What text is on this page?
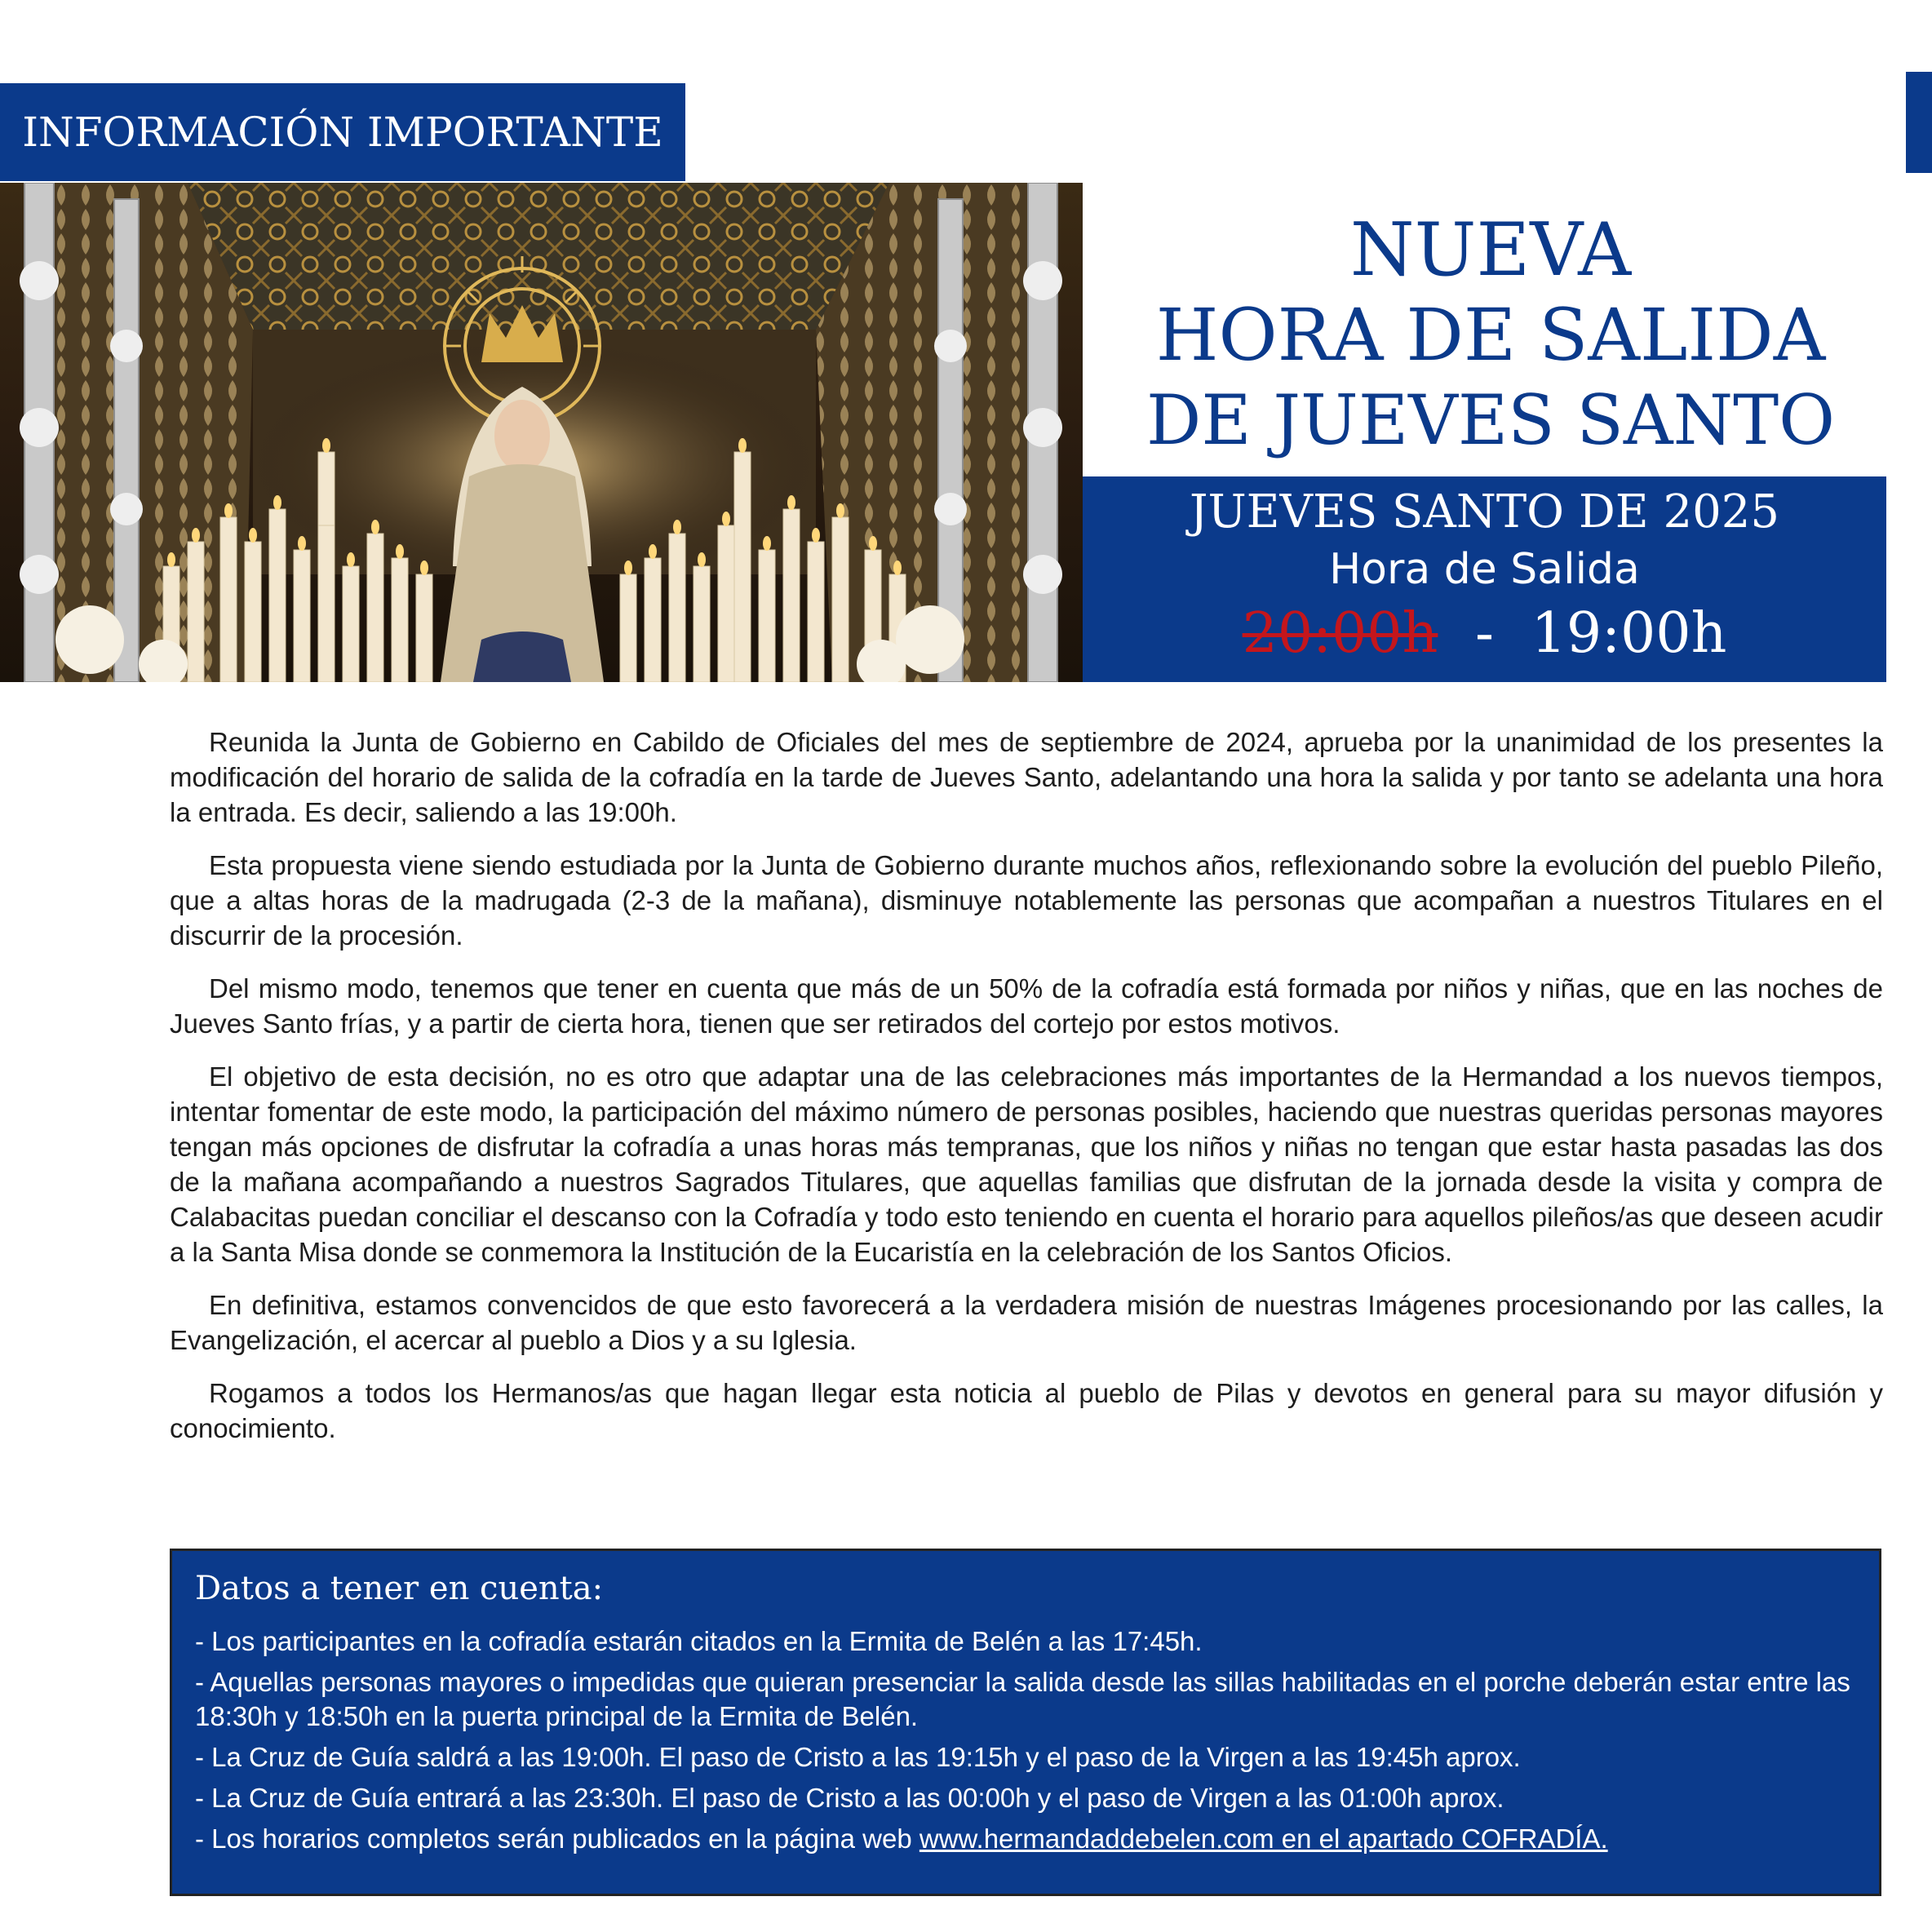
INFORMACIÓN IMPORTANTE
NUEVA
HORA DE SALIDA
DE JUEVES SANTO
JUEVES SANTO DE 2025
Hora de Salida
20:00h - 19:00h

Reunida la Junta de Gobierno en Cabildo de Oficiales del mes de septiembre de 2024, aprueba por la unanimidad de los presentes la modificación del horario de salida de la cofradía en la tarde de Jueves Santo, adelantando una hora la salida y por tanto se adelanta una hora la entrada. Es decir, saliendo a las 19:00h.

Esta propuesta viene siendo estudiada por la Junta de Gobierno durante muchos años, reflexionando sobre la evolución del pueblo Pileño, que a altas horas de la madrugada (2-3 de la mañana), disminuye notablemente las personas que acompañan a nuestros Titulares en el discurrir de la procesión.

Del mismo modo, tenemos que tener en cuenta que más de un 50% de la cofradía está formada por niños y niñas, que en las noches de Jueves Santo frías, y a partir de cierta hora, tienen que ser retirados del cortejo por estos motivos.

El objetivo de esta decisión, no es otro que adaptar una de las celebraciones más importantes de la Hermandad a los nuevos tiempos, intentar fomentar de este modo, la participación del máximo número de personas posibles, haciendo que nuestras queridas personas mayores tengan más opciones de disfrutar la cofradía a unas horas más tempranas, que los niños y niñas no tengan que estar hasta pasadas las dos de la mañana acompañando a nuestros Sagrados Titulares, que aquellas familias que disfrutan de la jornada desde la visita y compra de Calabacitas puedan conciliar el descanso con la Cofradía y todo esto teniendo en cuenta el horario para aquellos pileños/as que deseen acudir a la Santa Misa donde se conmemora la Institución de la Eucaristía en la celebración de los Santos Oficios.

En definitiva, estamos convencidos de que esto favorecerá a la verdadera misión de nuestras Imágenes procesionando por las calles, la Evangelización, el acercar al pueblo a Dios y a su Iglesia.

Rogamos a todos los Hermanos/as que hagan llegar esta noticia al pueblo de Pilas y devotos en general para su mayor difusión y conocimiento.

Datos a tener en cuenta:
- Los participantes en la cofradía estarán citados en la Ermita de Belén a las 17:45h.
- Aquellas personas mayores o impedidas que quieran presenciar la salida desde las sillas habilitadas en el porche deberán estar entre las 18:30h y 18:50h en la puerta principal de la Ermita de Belén.
- La Cruz de Guía saldrá a las 19:00h. El paso de Cristo a las 19:15h y el paso de la Virgen a las 19:45h aprox.
- La Cruz de Guía entrará a las 23:30h. El paso de Cristo a las 00:00h y el paso de Virgen a las 01:00h aprox.
- Los horarios completos serán publicados en la página web www.hermandaddebelen.com en el apartado COFRADÍA.
